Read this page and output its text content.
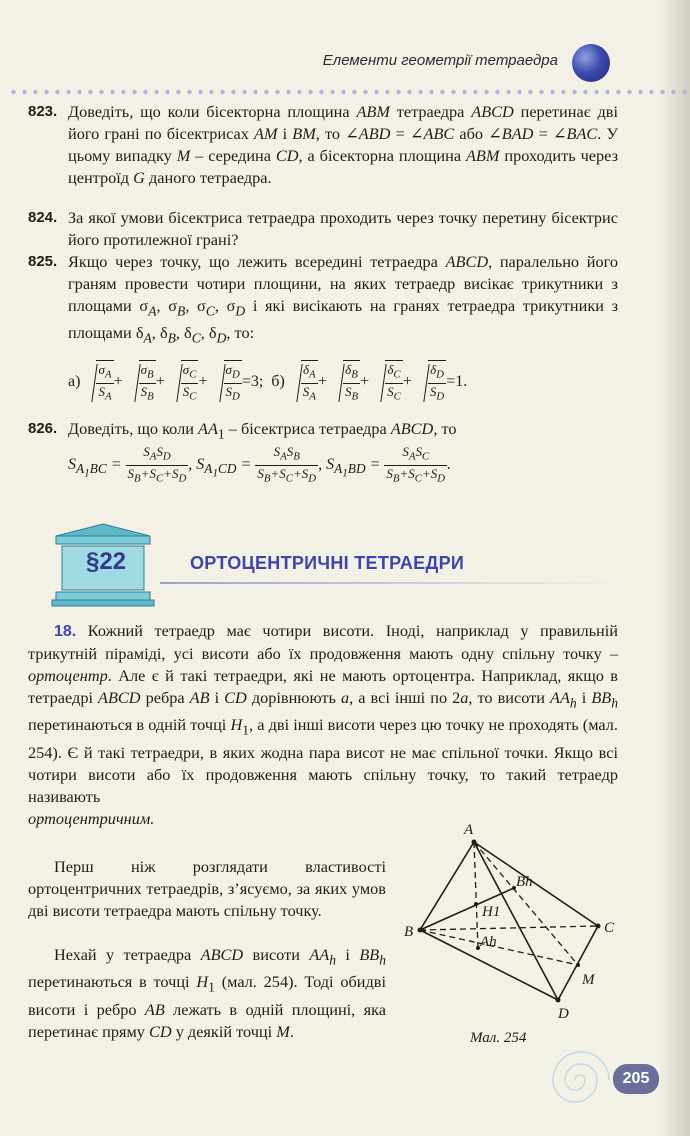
Елементи геометрії тетраедра

823. Доведіть, що коли бісекторна площина ABM тетраедра ABCD перетинає дві його грані по бісектрисах AM і BM, то ∠ABD = ∠ABC або ∠BAD = ∠BAC. У цьому випадку M – середина CD, а бісекторна площина ABM проходить через центроїд G даного тетраедра.

824. За якої умови бісектриса тетраедра проходить через точку перетину бісектрис його протилежної грані?

825. Якщо через точку, що лежить всередині тетраедра ABCD, паралельно його граням провести чотири площини, на яких тетраедр висікає трикутники з площами $\sigma_A$, $\sigma_B$, $\sigma_C$, $\sigma_D$ і які висікають на гранях тетраедра трикутники з площами $\delta_A$, $\delta_B$, $\delta_C$, $\delta_D$, то:

$а) \frac{\sigma_A}{S_A} + \frac{\sigma_B}{S_B} + \frac{\sigma_C}{S_C} + \frac{\sigma_D}{S_D} =3$; $б) \frac{\delta_A}{S_A} + \frac{\delta_B}{S_B} + \frac{\delta_C}{S_C} + \frac{\delta_D}{S_D} =1$.

826. Доведіть, що коли $AA_1$ – бісектриса тетраедра ABCD, то

$S_{A_1BC} = \frac{S_AS_D}{S_B+S_C+S_D}$ , $S_{A_1CD} = \frac{S_AS_B}{S_B+S_C+S_D}$ , $S_{A_1BD} = \frac{S_AS_C}{S_B+S_C+S_D}$ .
§22	ОРТОЦЕНТРИЧНІ ТЕТРАЕДРИ

18. Кожний тетраедр має чотири висоти. Іноді, наприклад у правильній трикутній піраміді, усі висоти або їх продовження мають одну спільну точку – ортоцентр. Але є й такі тетраедри, які не мають ортоцентра. Наприклад, якщо в тетраедрі ABCD ребра AB і CD дорівнюють a, а всі інші по 2a, то висоти $AA_h$ і $BB_h$ перетинаються в одній точці $H_1$, а дві інші висоти через цю точку не проходять (мал. 254). Є й такі тетраедри, в яких жодна пара висот не має спільної точки. Якщо всі чотири висоти або їх продовження мають спільну точку, то такий тетраедр називають

ортоцентричним.

Перш ніж розглядати властивості ортоцентричних тетраедрів, з’ясуємо, за яких умов дві висоти тетраедра мають спільну точку.

Нехай у тетраедра ABCD висоти $AA_h$ і $BB_h$ перетинаються в точці $H_1$ (мал. 254). Тоді обидві висоти і ребро AB лежать в одній площині, яка перетинає пряму CD у деякій точці M.

A
B	C
D
M
Bh
H1
Ah
Мал. 254
205
